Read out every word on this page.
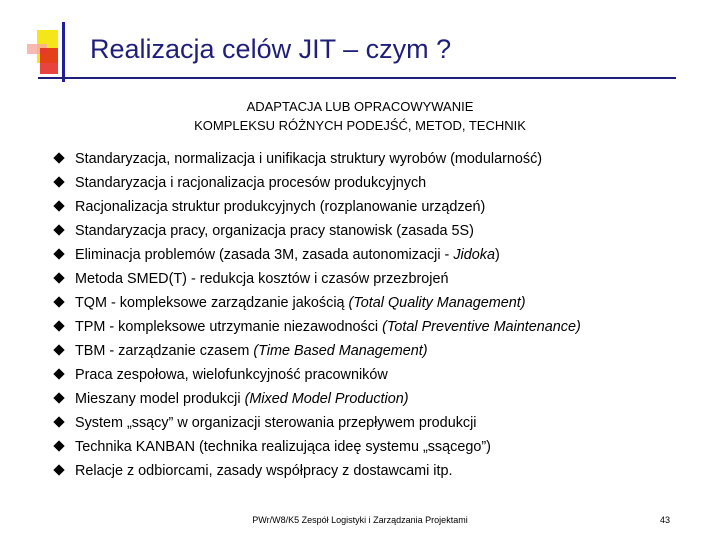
Realizacja celów JIT – czym ?
ADAPTACJA LUB OPRACOWYWANIE
KOMPLEKSU RÓŻNYCH PODEJŚĆ, METOD, TECHNIK
Standaryzacja, normalizacja i unifikacja struktury wyrobów (modularność)
Standaryzacja i racjonalizacja procesów produkcyjnych
Racjonalizacja struktur produkcyjnych (rozplanowanie urządzeń)
Standaryzacja pracy, organizacja pracy stanowisk (zasada 5S)
Eliminacja problemów (zasada 3M, zasada autonomizacji - Jidoka)
Metoda SMED(T) - redukcja kosztów i czasów przezbrojeń
TQM - kompleksowe zarządzanie jakością (Total Quality Management)
TPM - kompleksowe utrzymanie niezawodności (Total Preventive Maintenance)
TBM - zarządzanie czasem (Time Based Management)
Praca zespołowa, wielofunkcyjność pracowników
Mieszany model produkcji (Mixed Model Production)
System „ssący” w organizacji sterowania przepływem produkcji
Technika KANBAN (technika realizująca ideę systemu „ssącego”)
Relacje z odbiorcami, zasady współpracy z dostawcami itp.
PWr/W8/K5 Zespół Logistyki i Zarządzania Projektami	43
